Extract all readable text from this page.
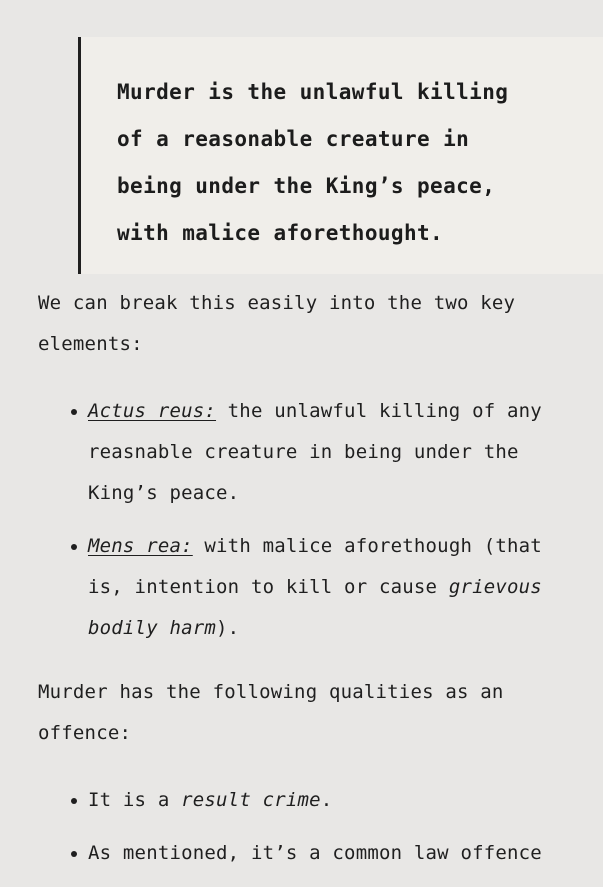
Murder is the unlawful killing
of a reasonable creature in
being under the King’s peace,
with malice aforethought.

We can break this easily into the two key
elements:

Actus reus: the unlawful killing of any reasnable creature in being under the King’s peace.
Mens rea: with malice aforethough (that is, intention to kill or cause grievous bodily harm).

Murder has the following qualities as an
offence:

It is a result crime.
As mentioned, it’s a common law offence
